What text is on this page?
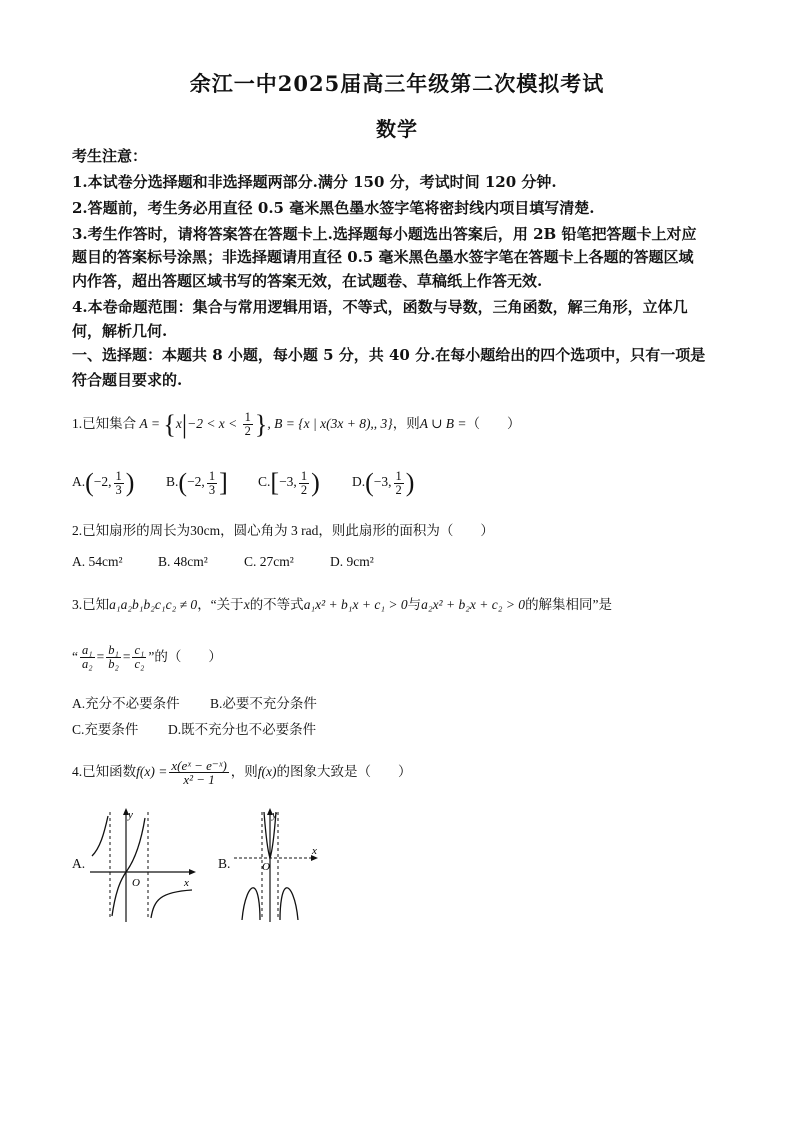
余江一中2025届高三年级第二次模拟考试
数学
考生注意：
1.本试卷分选择题和非选择题两部分.满分 150 分，考试时间 120 分钟.
2.答题前，考生务必用直径 0.5 毫米黑色墨水签字笔将密封线内项目填写清楚.
3.考生作答时，请将答案答在答题卡上.选择题每小题选出答案后，用 2B 铅笔把答题卡上对应
题目的答案标号涂黑；非选择题请用直径 0.5 毫米黑色墨水签字笔在答题卡上各题的答题区域
内作答，超出答题区域书写的答案无效，在试题卷、草稿纸上作答无效.
4.本卷命题范围：集合与常用逻辑用语，不等式，函数与导数，三角函数，解三角形，立体几
何，解析几何.
一、选择题：本题共 8 小题，每小题 5 分，共 40 分.在每小题给出的四个选项中，只有一项是
符合题目要求的.
1.已知集合 $A = \{x|-2 < x < \frac{1}{2}$ }, B = {x | x(3x + 8),, 3}，则A ∪ B =（　　）
A.(−2, $\frac{1}{3}$ ) B.(−2, $\frac{1}{3}$ ] C.[−3, $\frac{1}{2}$ ) D.(−3, $\frac{1}{2}$ )
2.已知扇形的周长为30cm，圆心角为 3 rad，则此扇形的面积为（　　）
A. 54cm²	B. 48cm²	C. 27cm²	D. 9cm²
3.已知a₁a₂b₁b₂c₁c₂ ≠ 0，“关于x的不等式a₁x² + b₁x + c₁ > 0与a₂x² + b₂x + c₂ > 0的解集相同”是
“ $\frac{\text{a₁}}{\text{a₂}} = \frac{\text{b₁}}{\text{b₂}} = \frac{\text{c₁}}{\text{c₂}}$ ”的（　　）
A.充分不必要条件 B.必要不充分条件
C.充要条件 D.既不充分也不必要条件
4.已知函数$f(x) = \frac{\text{x(eˣ − e⁻ˣ)}}{\text{x² − 1}}$ ，则f(x)的图象大致是（　　）
A.
y
x
O
B.
y
x
O
